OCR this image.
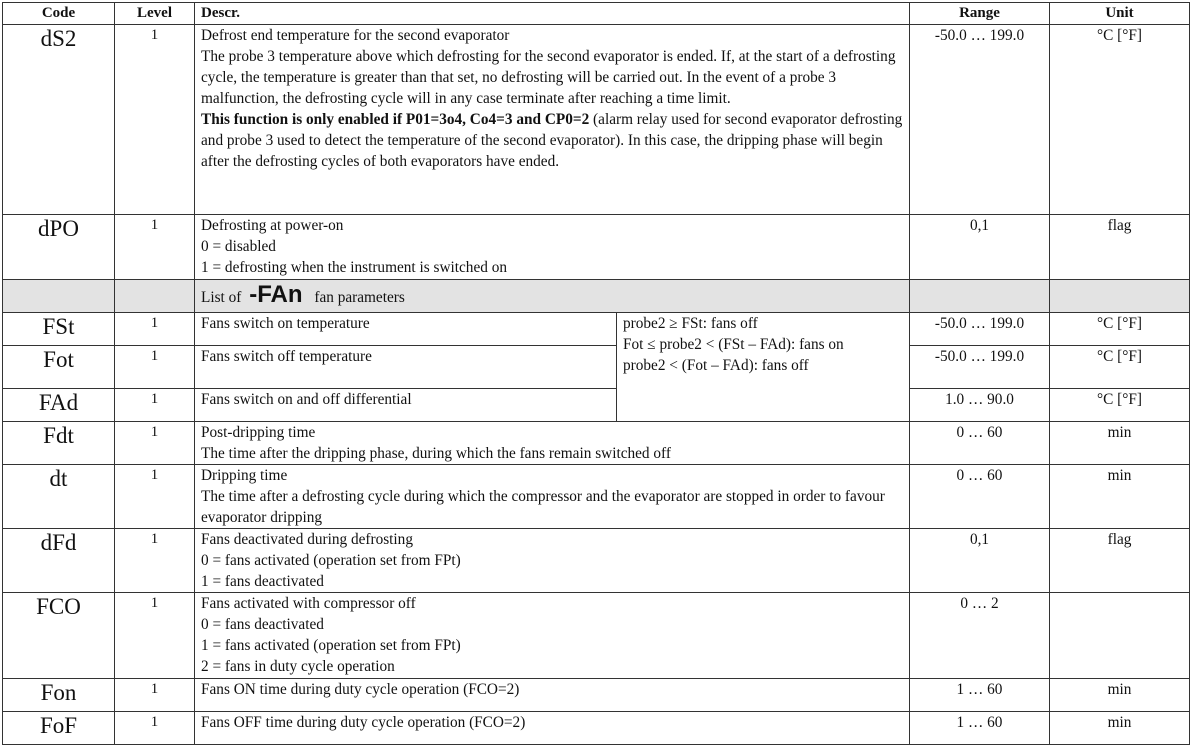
Code	Level	Descr.		Range	Unit
dS2	1	Defrost end temperature for the second evaporator
The probe 3 temperature above which defrosting for the second evaporator is ended. If, at the start of a defrosting cycle, the temperature is greater than that set, no defrosting will be carried out. In the event of a probe 3 malfunction, the defrosting cycle will in any case terminate after reaching a time limit.
This function is only enabled if P01=3o4, Co4=3 and CP0=2 (alarm relay used for second evaporator defrosting and probe 3 used to detect the temperature of the second evaporator). In this case, the dripping phase will begin after the defrosting cycles of both evaporators have ended.		-50.0 … 199.0	°C [°F]
dPO	1	Defrosting at power-on
0 = disabled
1 = defrosting when the instrument is switched on		0,1	flag
		List of -FAn fan parameters			
FSt	1	Fans switch on temperature	probe2 ≥ FSt: fans off
Fot ≤ probe2 < (FSt – FAd): fans on
probe2 < (Fot – FAd): fans off	-50.0 … 199.0	°C [°F]
Fot	1	Fans switch off temperature		-50.0 … 199.0	°C [°F]
FAd	1	Fans switch on and off differential		1.0 … 90.0	°C [°F]
Fdt	1	Post-dripping time
The time after the dripping phase, during which the fans remain switched off		0 … 60	min
dt	1	Dripping time
The time after a defrosting cycle during which the compressor and the evaporator are stopped in order to favour evaporator dripping		0 … 60	min
dFd	1	Fans deactivated during defrosting
0 = fans activated (operation set from FPt)
1 = fans deactivated		0,1	flag
FCO	1	Fans activated with compressor off
0 = fans deactivated
1 = fans activated (operation set from FPt)
2 = fans in duty cycle operation		0 … 2	
Fon	1	Fans ON time during duty cycle operation (FCO=2)		1 … 60	min
FoF	1	Fans OFF time during duty cycle operation (FCO=2)		1 … 60	min
